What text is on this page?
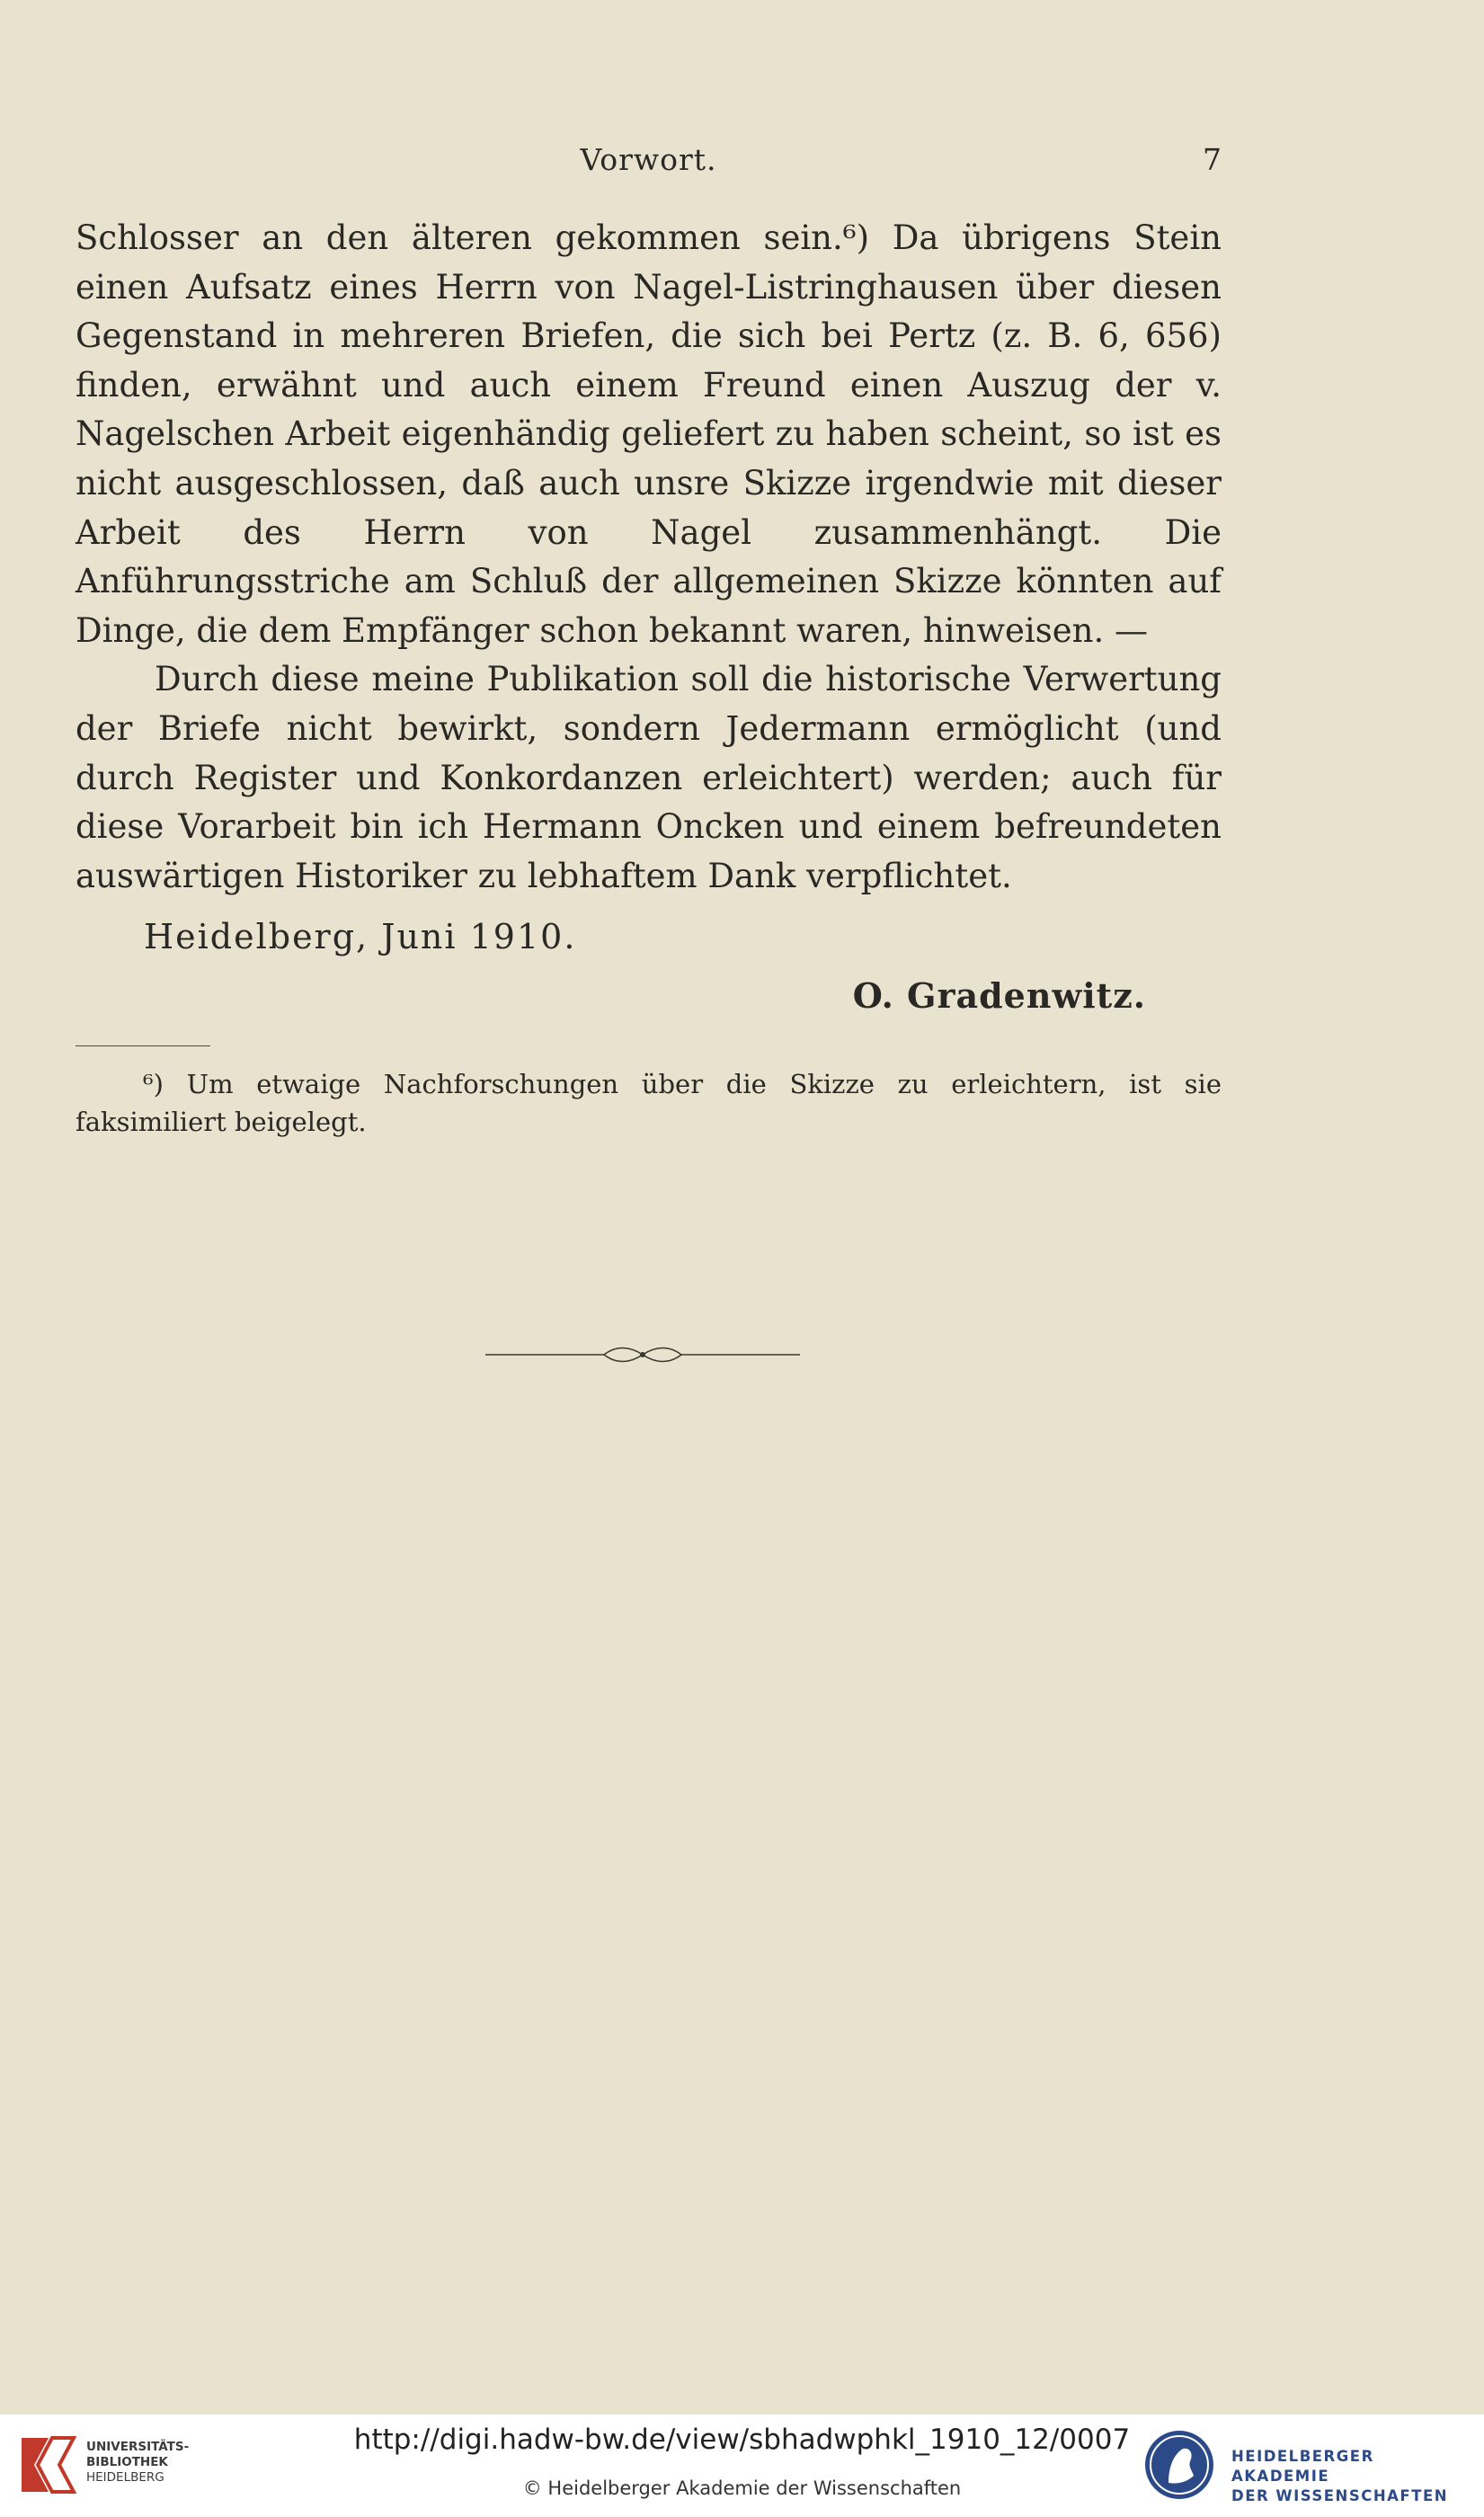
Vorwort.	7

Schlosser an den älteren gekommen sein.⁶) Da übrigens Stein einen Aufsatz eines Herrn von Nagel-Listringhausen über diesen Gegenstand in mehreren Briefen, die sich bei Pertz (z. B. 6, 656) finden, erwähnt und auch einem Freund einen Auszug der v. Nagelschen Arbeit eigenhändig geliefert zu haben scheint, so ist es nicht ausgeschlossen, daß auch unsre Skizze irgendwie mit dieser Arbeit des Herrn von Nagel zusammenhängt. Die Anführungsstriche am Schluß der allgemeinen Skizze könnten auf Dinge, die dem Empfänger schon bekannt waren, hinweisen. —

Durch diese meine Publikation soll die historische Verwertung der Briefe nicht bewirkt, sondern Jedermann ermöglicht (und durch Register und Konkordanzen erleichtert) werden; auch für diese Vorarbeit bin ich Hermann Oncken und einem befreundeten auswärtigen Historiker zu lebhaftem Dank verpflichtet.

Heidelberg, Juni 1910.
O. Gradenwitz.

⁶) Um etwaige Nachforschungen über die Skizze zu erleichtern, ist sie faksimiliert beigelegt.

UNIVERSITÄTS-
BIBLIOTHEK
HEIDELBERG
http://digi.hadw-bw.de/view/sbhadwphkl_1910_12/0007
© Heidelberger Akademie der Wissenschaften
HEIDELBERGER AKADEMIE
DER WISSENSCHAFTEN
